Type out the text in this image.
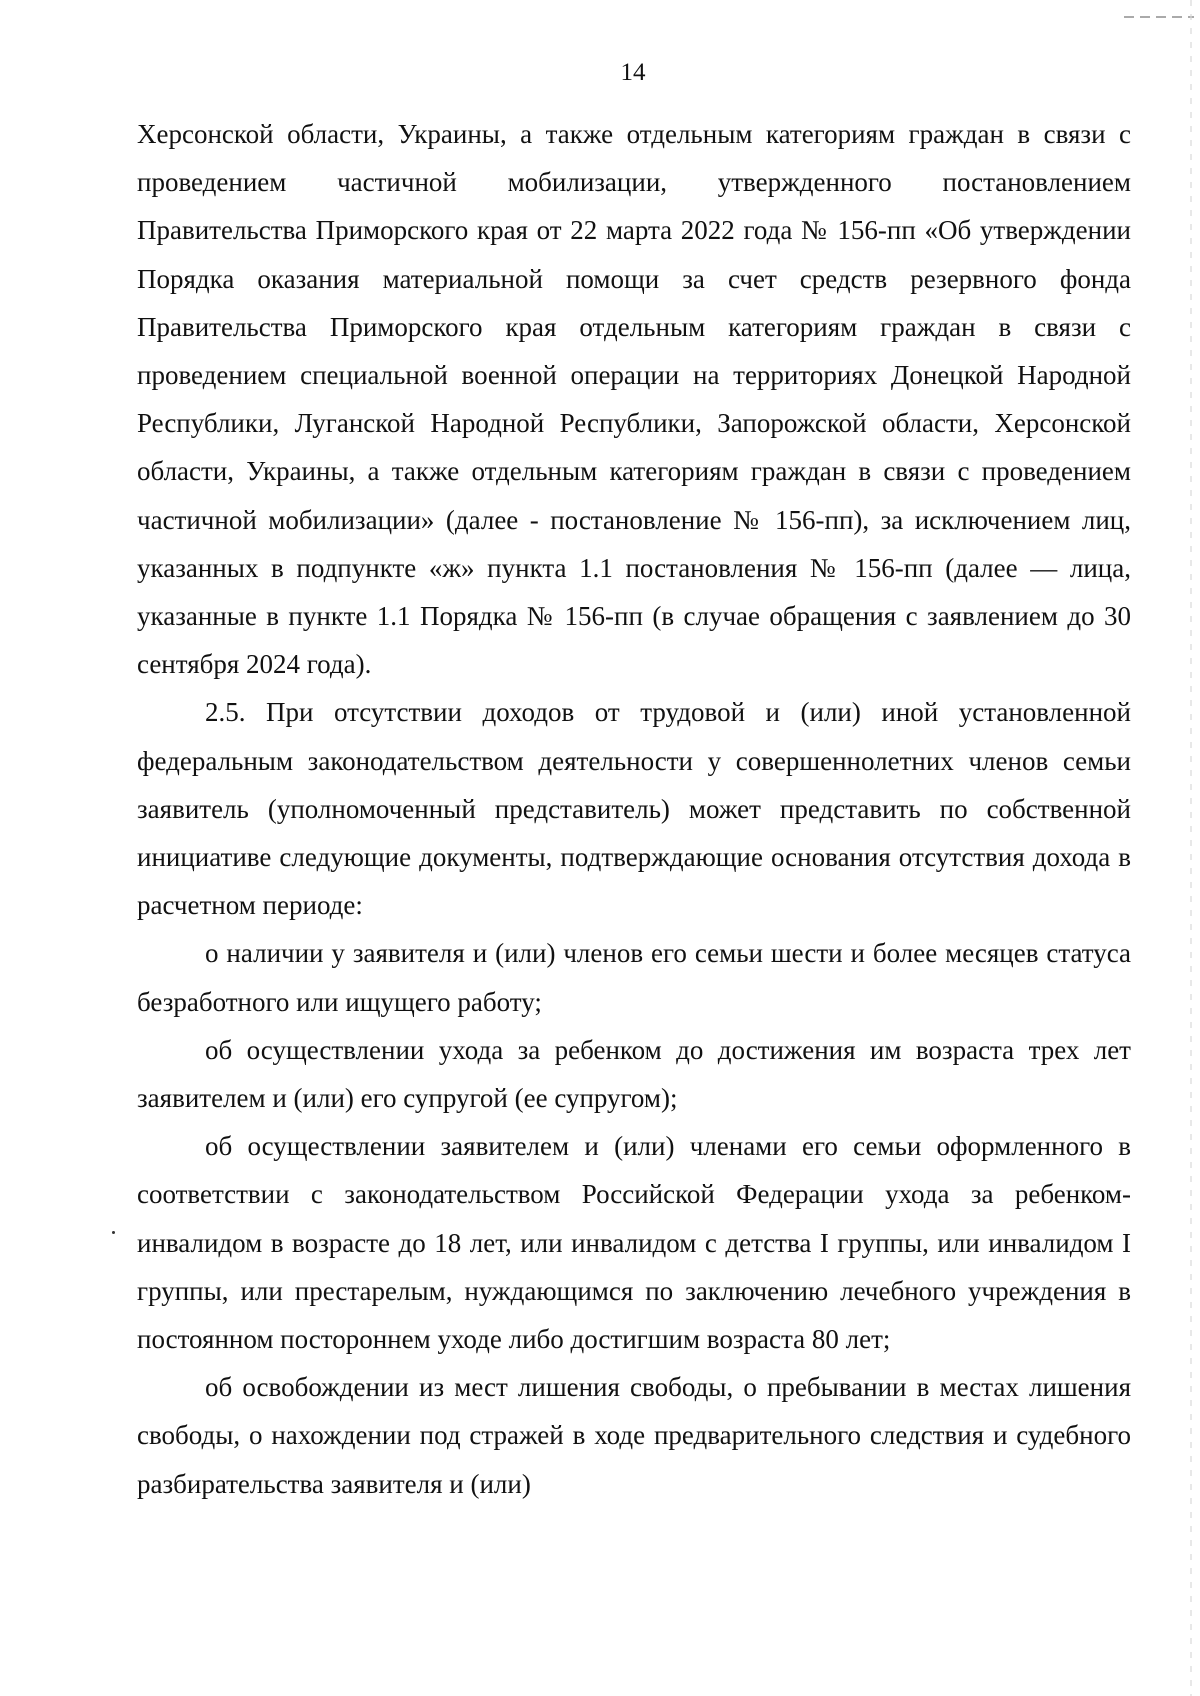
14

Херсонской области, Украины, а также отдельным категориям граждан в связи с проведением частичной мобилизации, утвержденного постановлением Правительства Приморского края от 22 марта 2022 года № 156-пп «Об утверждении Порядка оказания материальной помощи за счет средств резервного фонда Правительства Приморского края отдельным категориям граждан в связи с проведением специальной военной операции на территориях Донецкой Народной Республики, Луганской Народной Республики, Запорожской области, Херсонской области, Украины, а также отдельным категориям граждан в связи с проведением частичной мобилизации» (далее - постановление № 156-пп), за исключением лиц, указанных в подпункте «ж» пункта 1.1 постановления № 156-пп (далее — лица, указанные в пункте 1.1 Порядка № 156-пп (в случае обращения с заявлением до 30 сентября 2024 года).

2.5. При отсутствии доходов от трудовой и (или) иной установленной федеральным законодательством деятельности у совершеннолетних членов семьи заявитель (уполномоченный представитель) может представить по собственной инициативе следующие документы, подтверждающие основания отсутствия дохода в расчетном периоде:

о наличии у заявителя и (или) членов его семьи шести и более месяцев статуса безработного или ищущего работу;

об осуществлении ухода за ребенком до достижения им возраста трех лет заявителем и (или) его супругой (ее супругом);

об осуществлении заявителем и (или) членами его семьи оформленного в соответствии с законодательством Российской Федерации ухода за ребенком-инвалидом в возрасте до 18 лет, или инвалидом с детства I группы, или инвалидом I группы, или престарелым, нуждающимся по заключению лечебного учреждения в постоянном постороннем уходе либо достигшим возраста 80 лет;

об освобождении из мест лишения свободы, о пребывании в местах лишения свободы, о нахождении под стражей в ходе предварительного следствия и судебного разбирательства заявителя и (или)
